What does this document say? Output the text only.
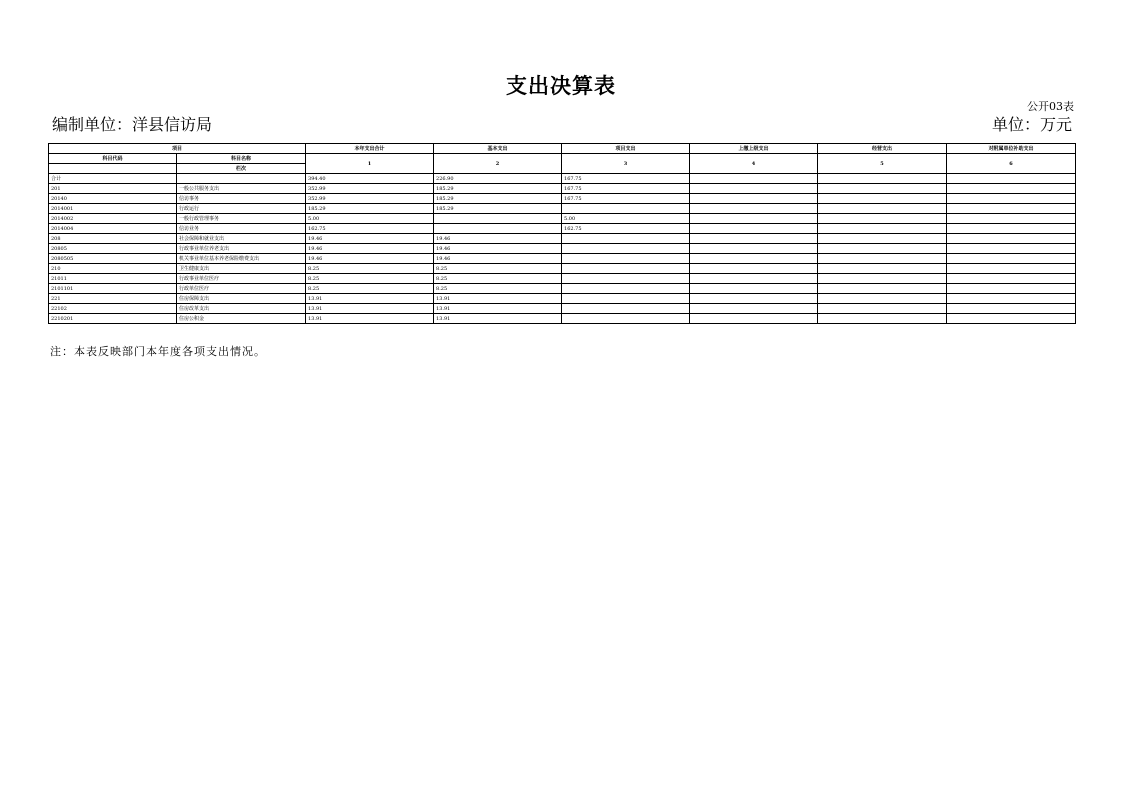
支出决算表
公开03表
编制单位：洋县信访局	单位：万元
项目		本年支出合计	基本支出	项目支出	上缴上级支出	经营支出	对附属单位补助支出
科目代码	科目名称	1	2	3	4	5	6
	栏次						
合计		394.40	226.90	167.75			
201	一般公共服务支出	352.99	185.29	167.75			
20140	信访事务	352.99	185.29	167.75			
2014001	行政运行	185.29	185.29				
2014002	一般行政管理事务	5.00		5.00			
2014004	信访业务	162.75		162.75			
208	社会保障和就业支出	19.46	19.46				
20805	行政事业单位养老支出	19.46	19.46				
2080505	机关事业单位基本养老保险缴费支出	19.46	19.46				
210	卫生健康支出	8.25	8.25				
21011	行政事业单位医疗	8.25	8.25				
2101101	行政单位医疗	8.25	8.25				
221	住房保障支出	13.91	13.91				
22102	住房改革支出	13.91	13.91				
2210201	住房公积金	13.91	13.91				
注：本表反映部门本年度各项支出情况。
